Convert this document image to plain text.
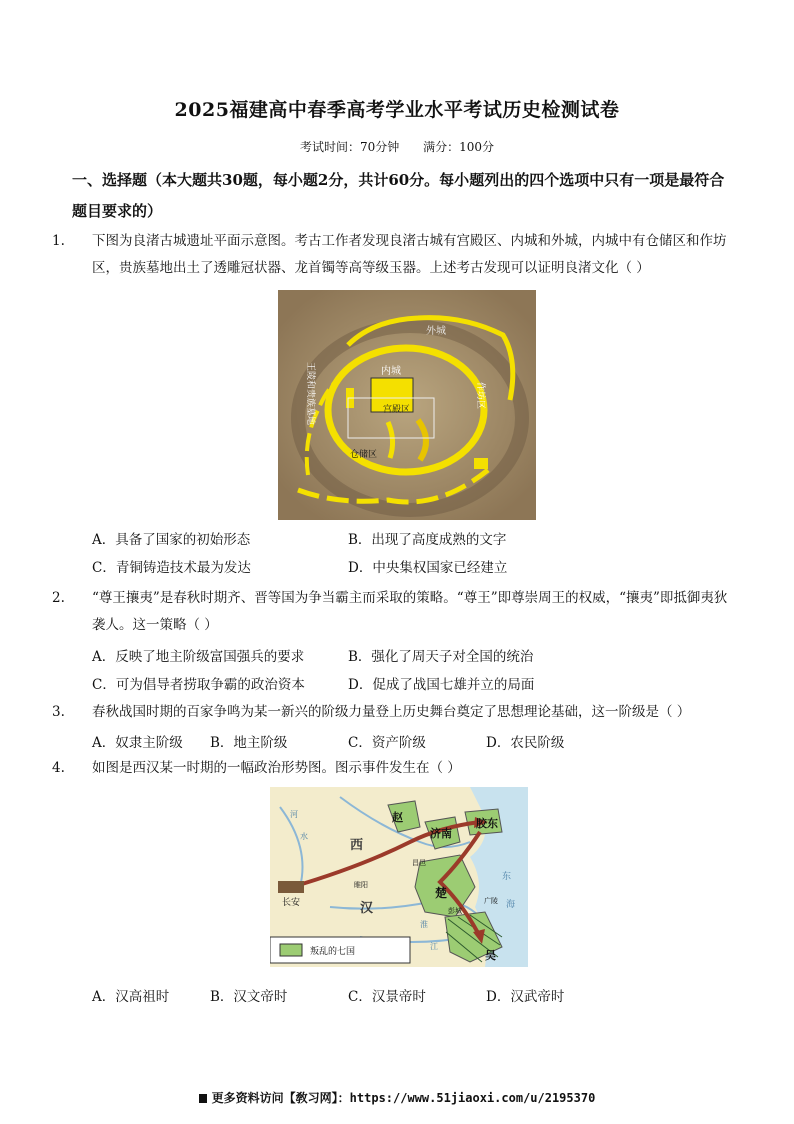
2025福建高中春季高考学业水平考试历史检测试卷
考试时间：70分钟 满分：100分
一、选择题（本大题共30题，每小题2分，共计60分。每小题列出的四个选项中只有一项是最符合题目要求的）
1. 下图为良渚古城遗址平面示意图。考古工作者发现良渚古城有宫殿区、内城和外城，内城中有仓储区和作坊区，贵族墓地出土了透雕冠状器、龙首镯等高等级玉器。上述考古发现可以证明良渚文化（ ）
外城
内城
宫殿区
仓储区
作坊区
王陵和贵族墓地
A．具备了国家的初始形态	B．出现了高度成熟的文字
C．青铜铸造技术最为发达	D．中央集权国家已经建立
2. “尊王攘夷”是春秋时期齐、晋等国为争当霸主而采取的策略。“尊王”即尊崇周王的权威，“攘夷”即抵御夷狄袭人。这一策略（ ）
A．反映了地主阶级富国强兵的要求	B．强化了周天子对全国的统治
C．可为倡导者捞取争霸的政治资本	D．促成了战国七雄并立的局面
3. 春秋战国时期的百家争鸣为某一新兴的阶级力量登上历史舞台奠定了思想理论基础，这一阶级是（ ）
A．奴隶主阶级 B．地主阶级	C．资产阶级	D．农民阶级
4. 如图是西汉某一时期的一幅政治形势图。图示事件发生在（ ）
长安
西
汉
赵
济南
胶东
楚
吴
睢阳
昌邑
彭城
广陵
河
水
淮
江
东
海
叛乱的七国
A．汉高祖时	B．汉文帝时	C．汉景帝时	D．汉武帝时
更多资料访问【敎习网】：https://www.51jiaoxi.com/u/2195370
